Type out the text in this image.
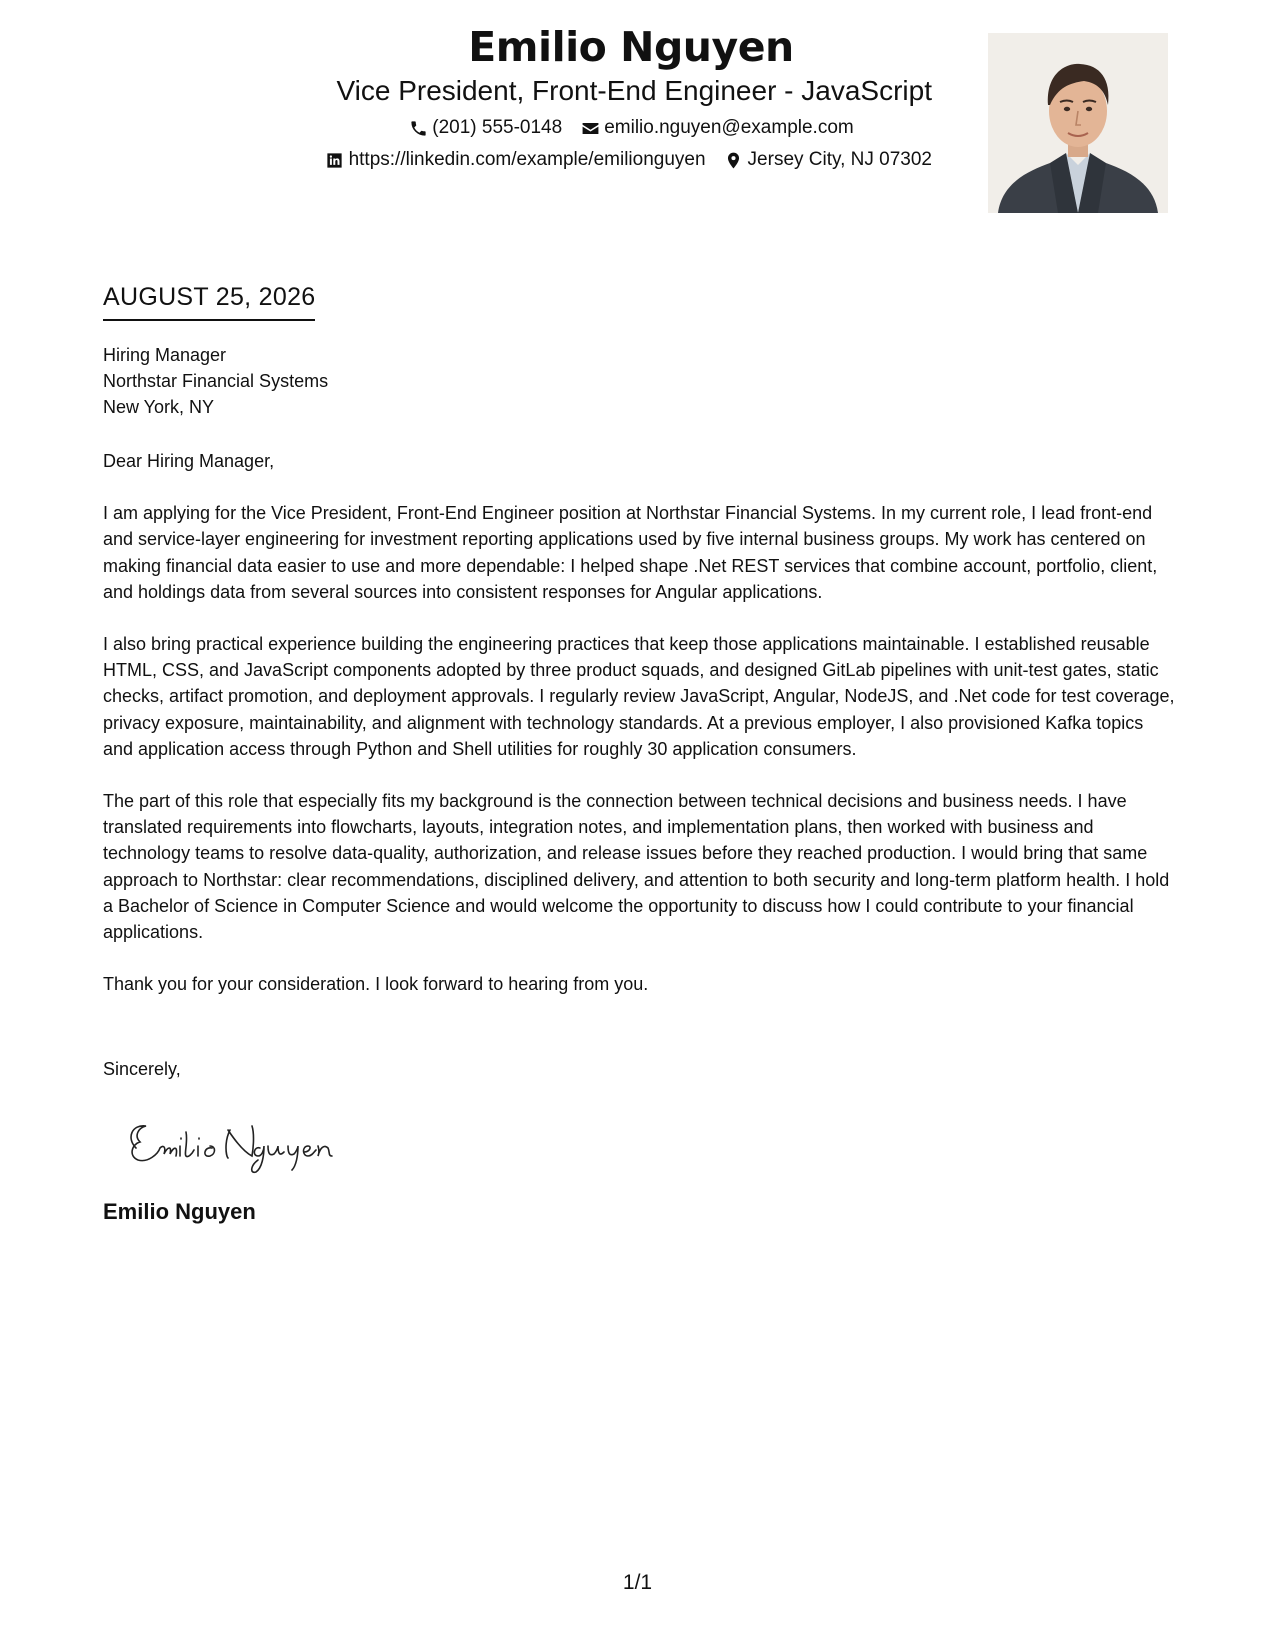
Emilio Nguyen
Vice President, Front-End Engineer - JavaScript
(201) 555-0148 emilio.nguyen@example.com
https://linkedin.com/example/emilionguyen Jersey City, NJ 07302
AUGUST 25, 2026
Hiring Manager
Northstar Financial Systems
New York, NY

Dear Hiring Manager,

I am applying for the Vice President, Front-End Engineer position at Northstar Financial Systems. In my current role, I lead front-end and service-layer engineering for investment reporting applications used by five internal business groups. My work has centered on making financial data easier to use and more dependable: I helped shape .Net REST services that combine account, portfolio, client, and holdings data from several sources into consistent responses for Angular applications.

I also bring practical experience building the engineering practices that keep those applications maintainable. I established reusable HTML, CSS, and JavaScript components adopted by three product squads, and designed GitLab pipelines with unit-test gates, static checks, artifact promotion, and deployment approvals. I regularly review JavaScript, Angular, NodeJS, and .Net code for test coverage, privacy exposure, maintainability, and alignment with technology standards. At a previous employer, I also provisioned Kafka topics and application access through Python and Shell utilities for roughly 30 application consumers.

The part of this role that especially fits my background is the connection between technical decisions and business needs. I have translated requirements into flowcharts, layouts, integration notes, and implementation plans, then worked with business and technology teams to resolve data-quality, authorization, and release issues before they reached production. I would bring that same approach to Northstar: clear recommendations, disciplined delivery, and attention to both security and long-term platform health. I hold a Bachelor of Science in Computer Science and would welcome the opportunity to discuss how I could contribute to your financial applications.

Thank you for your consideration. I look forward to hearing from you.

Sincerely,
Emilio Nguyen
1/1
